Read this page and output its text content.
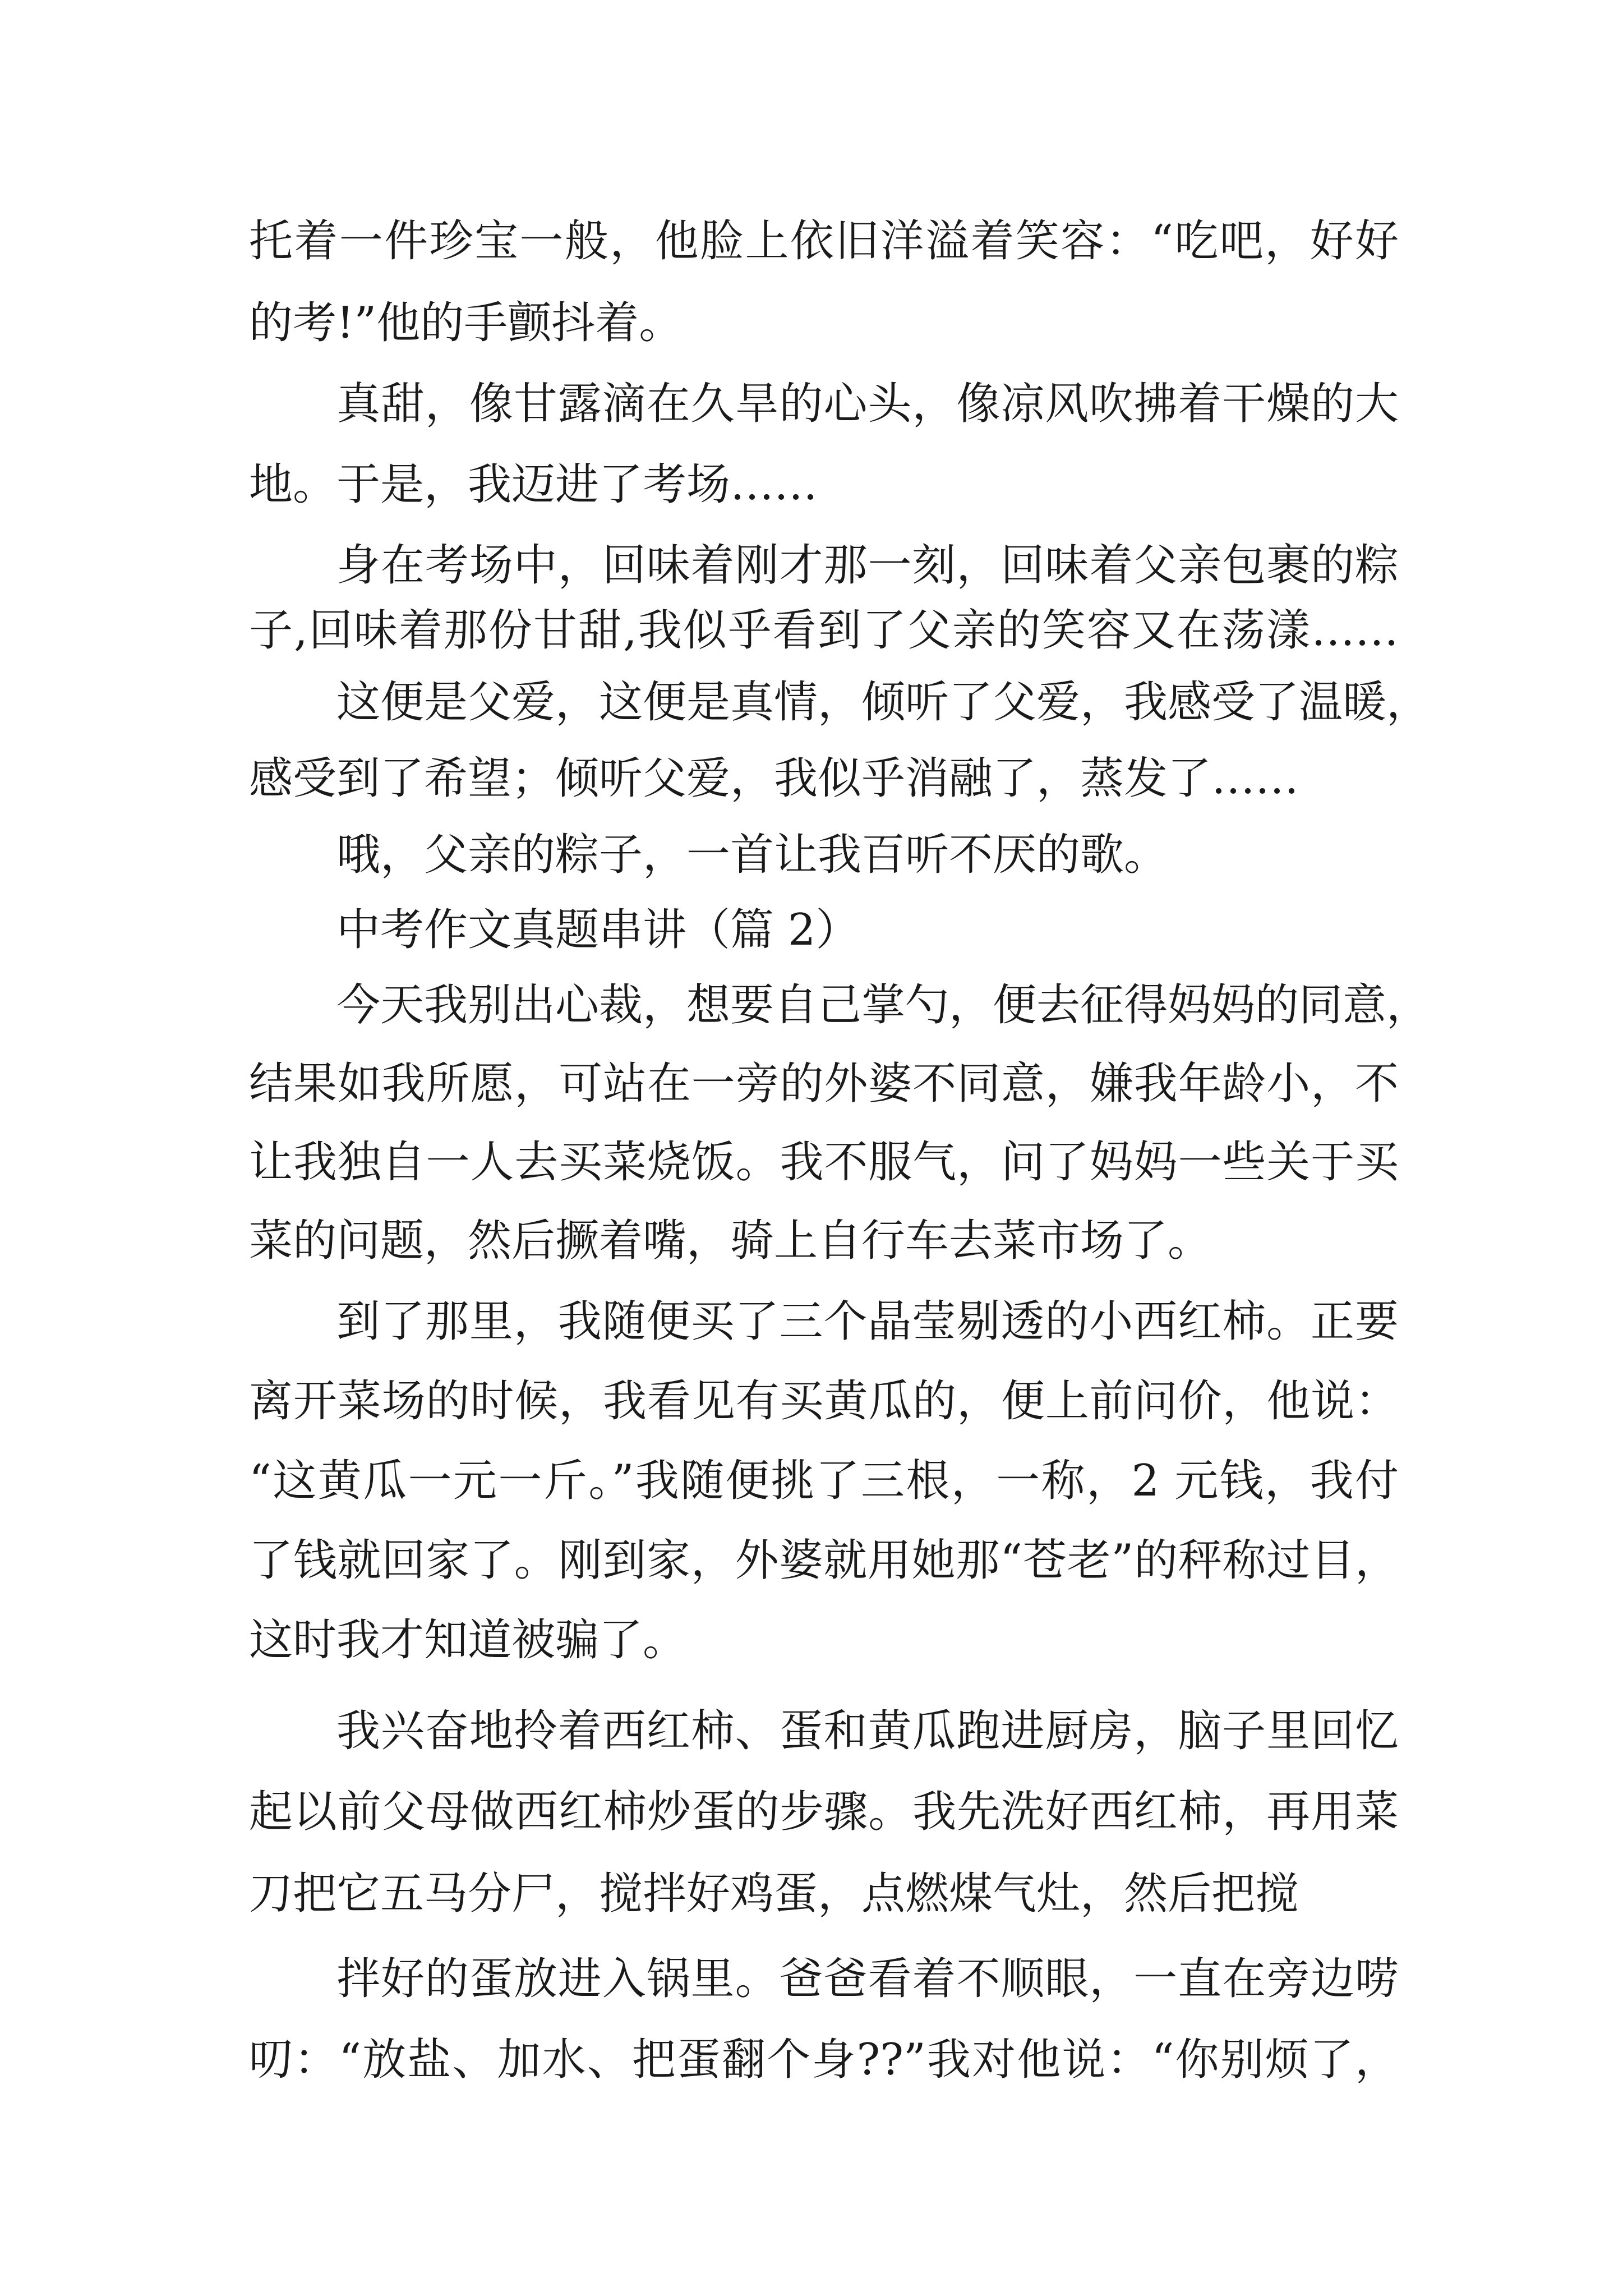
托着一件珍宝一般，他脸上依旧洋溢着笑容：“吃吧，好好
的考!”他的手颤抖着。
真甜，像甘露滴在久旱的心头，像凉风吹拂着干燥的大
地。于是，我迈进了考场……
身在考场中，回味着刚才那一刻，回味着父亲包裹的粽
子,回味着那份甘甜,我似乎看到了父亲的笑容又在荡漾……
这便是父爱，这便是真情，倾听了父爱，我感受了温暖，
感受到了希望；倾听父爱，我似乎消融了，蒸发了……
哦，父亲的粽子，一首让我百听不厌的歌。
中考作文真题串讲（篇 2）
今天我别出心裁，想要自己掌勺，便去征得妈妈的同意，
结果如我所愿，可站在一旁的外婆不同意，嫌我年龄小，不
让我独自一人去买菜烧饭。我不服气，问了妈妈一些关于买
菜的问题，然后撅着嘴，骑上自行车去菜市场了。
到了那里，我随便买了三个晶莹剔透的小西红柿。正要
离开菜场的时候，我看见有买黄瓜的，便上前问价，他说：
“这黄瓜一元一斤。”我随便挑了三根，一称，2 元钱，我付
了钱就回家了。刚到家，外婆就用她那“苍老”的秤称过目，
这时我才知道被骗了。
我兴奋地拎着西红柿、蛋和黄瓜跑进厨房，脑子里回忆
起以前父母做西红柿炒蛋的步骤。我先洗好西红柿，再用菜
刀把它五马分尸，搅拌好鸡蛋，点燃煤气灶，然后把搅
拌好的蛋放进入锅里。爸爸看着不顺眼，一直在旁边唠
叨：“放盐、加水、把蛋翻个身??”我对他说：“你别烦了，
